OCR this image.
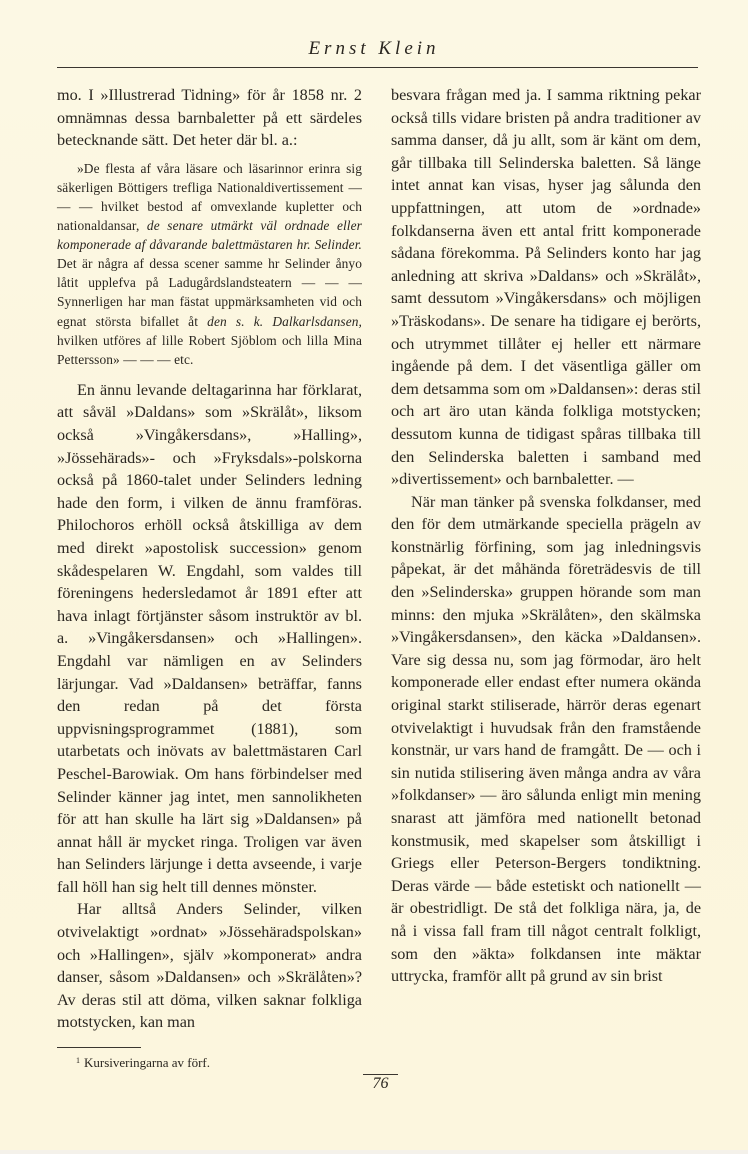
Ernst Klein

mo. I »Illustrerad Tidning» för år 1858 nr. 2 omnämnas dessa barnbaletter på ett särdeles betecknande sätt. Det heter där bl. a.:

»De flesta af våra läsare och läsarinnor erinra sig säkerligen Böttigers trefliga Nationaldivertissement — — — hvilket bestod af omvexlande kupletter och nationaldansar, de senare utmärkt väl ordnade eller komponerade af dåvarande balettmästaren hr. Selinder. Det är några af dessa scener samme hr Selinder ånyo låtit upplefva på Ladugårdslandsteatern — — — Synnerligen har man fästat uppmärksamheten vid och egnat största bifallet åt den s. k. Dalkarlsdansen, hvilken utföres af lille Robert Sjöblom och lilla Mina Pettersson» — — — etc.

En ännu levande deltagarinna har förklarat, att såväl »Daldans» som »Skrälåt», liksom också »Vingåkersdans», »Halling», »Jössehärads»- och »Fryksdals»-polskorna också på 1860-talet under Selinders ledning hade den form, i vilken de ännu framföras. Philochoros erhöll också åtskilliga av dem med direkt »apostolisk succession» genom skådespelaren W. Engdahl, som valdes till föreningens hedersledamot år 1891 efter att hava inlagt förtjänster såsom instruktör av bl. a. »Vingåkersdansen» och »Hallingen». Engdahl var nämligen en av Selinders lärjungar. Vad »Daldansen» beträffar, fanns den redan på det första uppvisningsprogrammet (1881), som utarbetats och inövats av balettmästaren Carl Peschel-Barowiak. Om hans förbindelser med Selinder känner jag intet, men sannolikheten för att han skulle ha lärt sig »Daldansen» på annat håll är mycket ringa. Troligen var även han Selinders lärjunge i detta avseende, i varje fall höll han sig helt till dennes mönster.

Har alltså Anders Selinder, vilken otvivelaktigt »ordnat» »Jössehäradspolskan» och »Hallingen», själv »komponerat» andra danser, såsom »Daldansen» och »Skrälåten»? Av deras stil att döma, vilken saknar folkliga motstycken, kan man

besvara frågan med ja. I samma riktning pekar också tills vidare bristen på andra traditioner av samma danser, då ju allt, som är känt om dem, går tillbaka till Selinderska baletten. Så länge intet annat kan visas, hyser jag sålunda den uppfattningen, att utom de »ordnade» folkdanserna även ett antal fritt komponerade sådana förekomma. På Selinders konto har jag anledning att skriva »Daldans» och »Skrälåt», samt dessutom »Vingåkersdans» och möjligen »Träskodans». De senare ha tidigare ej berörts, och utrymmet tillåter ej heller ett närmare ingående på dem. I det väsentliga gäller om dem detsamma som om »Daldansen»: deras stil och art äro utan kända folkliga motstycken; dessutom kunna de tidigast spåras tillbaka till den Selinderska baletten i samband med »divertissement» och barnbaletter. —

När man tänker på svenska folkdanser, med den för dem utmärkande speciella prägeln av konstnärlig förfining, som jag inledningsvis påpekat, är det måhända företrädesvis de till den »Selinderska» gruppen hörande som man minns: den mjuka »Skrälåten», den skälmska »Vingåkersdansen», den käcka »Daldansen». Vare sig dessa nu, som jag förmodar, äro helt komponerade eller endast efter numera okända original starkt stiliserade, härrör deras egenart otvivelaktigt i huvudsak från den framstående konstnär, ur vars hand de framgått. De — och i sin nutida stilisering även många andra av våra »folkdanser» — äro sålunda enligt min mening snarast att jämföra med nationellt betonad konstmusik, med skapelser som åtskilligt i Griegs eller Peterson-Bergers tondiktning. Deras värde — både estetiskt och nationellt — är obestridligt. De stå det folkliga nära, ja, de nå i vissa fall fram till något centralt folkligt, som den »äkta» folkdansen inte mäktar uttrycka, framför allt på grund av sin brist

$^1$ Kursiveringarna av förf.
76
